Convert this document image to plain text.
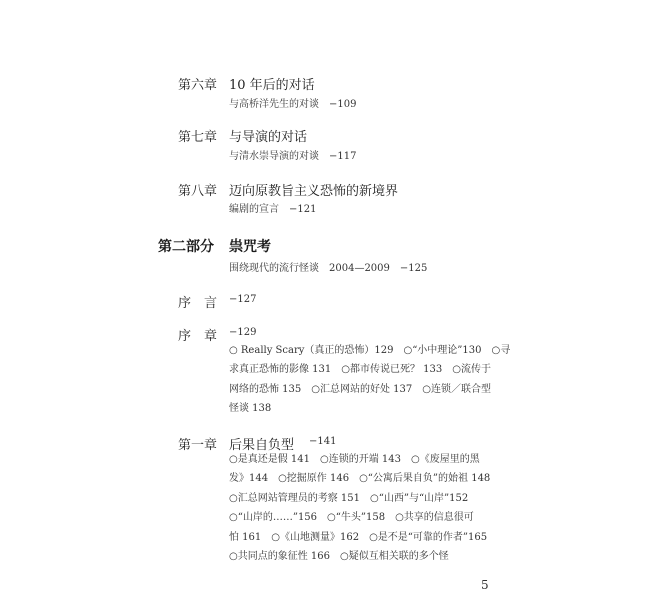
第六章 10 年后的对话
与高桥洋先生的对谈　−109
第七章 与导演的对话
与清水崇导演的对谈　−117
第八章 迈向原教旨主义恐怖的新境界
编剧的宣言　−121
第二部分 祟咒考
围绕现代的流行怪谈　2004—2009　−125
序　言 −127
序　章 −129
○ Really Scary（真正的恐怖）129　○“小中理论”130　○寻
求真正恐怖的影像 131　○都市传说已死？ 133　○流传于
网络的恐怖 135　○汇总网站的好处 137　○连锁／联合型
怪谈 138
第一章 后果自负型 −141
○是真还是假 141　○连锁的开端 143　○《废屋里的黑
发》144　○挖掘原作 146　○“公寓后果自负”的始祖 148
○汇总网站管理员的考察 151　○“山西”与“山岸”152
○“山岸的……”156　○“牛头”158　○共享的信息很可
怕 161　○《山地测量》162　○是不是“可靠的作者”165
○共同点的象征性 166　○疑似互相关联的多个怪
5
